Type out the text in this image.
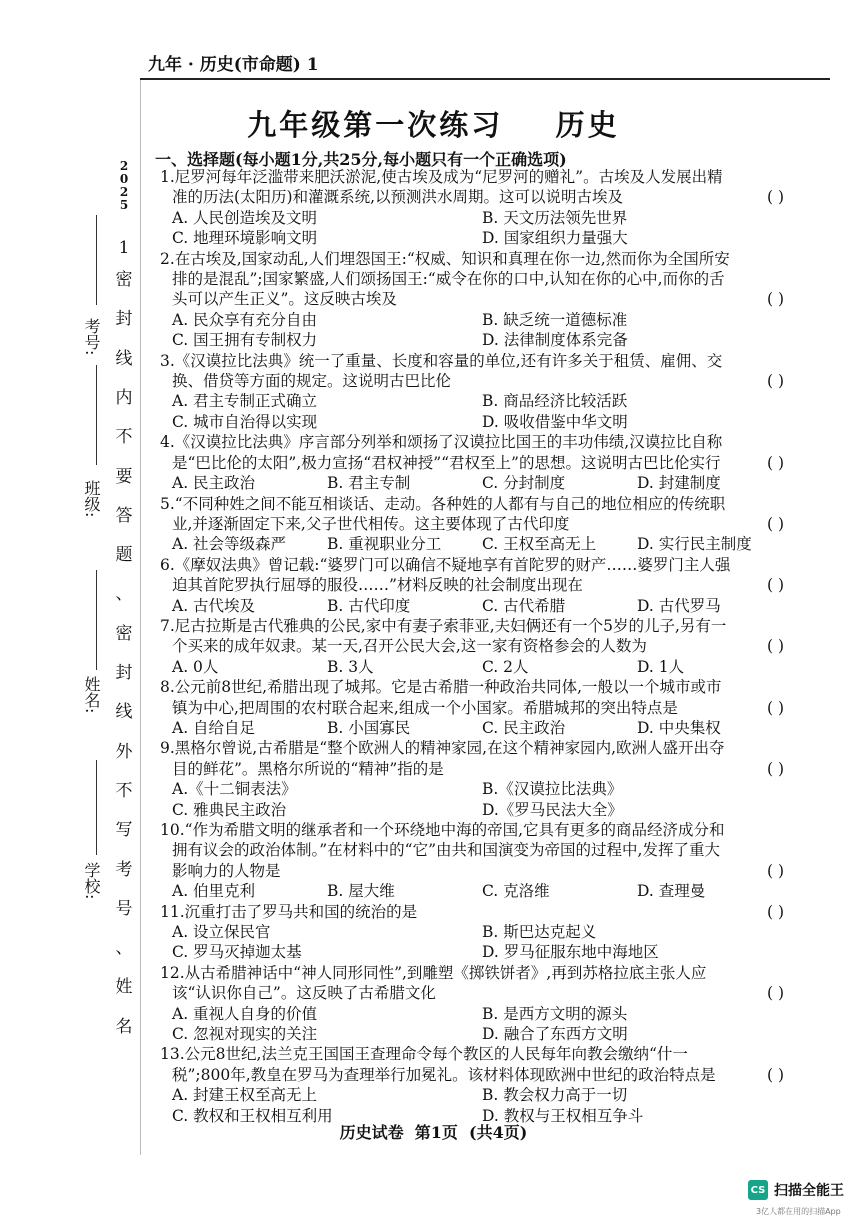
九年 · 历史(市命题) 1
九年级第一次练习    历史
一、选择题(每小题1分,共25分,每小题只有一个正确选项)
1.尼罗河每年泛滥带来肥沃淤泥,使古埃及成为“尼罗河的赠礼”。古埃及人发展出精准的历法(太阳历)和灌溉系统,以预测洪水周期。这可以说明古埃及	( )
A. 人民创造埃及文明	B. 天文历法领先世界
C. 地理环境影响文明	D. 国家组织力量强大
2.在古埃及,国家动乱,人们埋怨国王:“权威、知识和真理在你一边,然而你为全国所安排的是混乱”;国家繁盛,人们颂扬国王:“威令在你的口中,认知在你的心中,而你的舌头可以产生正义”。这反映古埃及	( )
A. 民众享有充分自由	B. 缺乏统一道德标准
C. 国王拥有专制权力	D. 法律制度体系完备
3.《汉谟拉比法典》统一了重量、长度和容量的单位,还有许多关于租赁、雇佣、交换、借贷等方面的规定。这说明古巴比伦	( )
A. 君主专制正式确立	B. 商品经济比较活跃
C. 城市自治得以实现	D. 吸收借鉴中华文明
4.《汉谟拉比法典》序言部分列举和颂扬了汉谟拉比国王的丰功伟绩,汉谟拉比自称是“巴比伦的太阳”,极力宣扬“君权神授”“君权至上”的思想。这说明古巴比伦实行	( )
A. 民主政治	B. 君主专制	C. 分封制度	D. 封建制度
5.“不同种姓之间不能互相谈话、走动。各种姓的人都有与自己的地位相应的传统职业,并逐渐固定下来,父子世代相传。这主要体现了古代印度	( )
A. 社会等级森严	B. 重视职业分工	C. 王权至高无上	D. 实行民主制度
6.《摩奴法典》曾记载:“婆罗门可以确信不疑地享有首陀罗的财产……婆罗门主人强迫其首陀罗执行屈辱的服役……”材料反映的社会制度出现在	( )
A. 古代埃及	B. 古代印度	C. 古代希腊	D. 古代罗马
7.尼古拉斯是古代雅典的公民,家中有妻子索菲亚,夫妇俩还有一个5岁的儿子,另有一个买来的成年奴隶。某一天,召开公民大会,这一家有资格参会的人数为	( )
A. 0人	B. 3人	C. 2人	D. 1人
8.公元前8世纪,希腊出现了城邦。它是古希腊一种政治共同体,一般以一个城市或市镇为中心,把周围的农村联合起来,组成一个小国家。希腊城邦的突出特点是	( )
A. 自给自足	B. 小国寡民	C. 民主政治	D. 中央集权
9.黑格尔曾说,古希腊是“整个欧洲人的精神家园,在这个精神家园内,欧洲人盛开出夺目的鲜花”。黑格尔所说的“精神”指的是	( )
A.《十二铜表法》	B.《汉谟拉比法典》
C. 雅典民主政治	D.《罗马民法大全》
10.“作为希腊文明的继承者和一个环绕地中海的帝国,它具有更多的商品经济成分和拥有议会的政治体制。”在材料中的“它”由共和国演变为帝国的过程中,发挥了重大影响力的人物是	( )
A. 伯里克利	B. 屋大维	C. 克洛维	D. 查理曼
11.沉重打击了罗马共和国的统治的是	( )
A. 设立保民官	B. 斯巴达克起义
C. 罗马灭掉迦太基	D. 罗马征服东地中海地区
12.从古希腊神话中“神人同形同性”,到雕塑《掷铁饼者》,再到苏格拉底主张人应该“认识你自己”。这反映了古希腊文化	( )
A. 重视人自身的价值	B. 是西方文明的源头
C. 忽视对现实的关注	D. 融合了东西方文明
13.公元8世纪,法兰克王国国王查理命令每个教区的人民每年向教会缴纳“什一税”;800年,教皇在罗马为查理举行加冕礼。该材料体现欧洲中世纪的政治特点是	( )
A. 封建王权至高无上	B. 教会权力高于一切
C. 教权和王权相互利用	D. 教权与王权相互争斗
2025
1
密
封
线
内
不
要
答
题
、
密
封
线
外
不
写
考
号
、
姓
名
考号:
班级:
姓名:
学校:
历史试卷  第1页  (共4页)
CS 扫描全能王
3亿人都在用的扫描App
